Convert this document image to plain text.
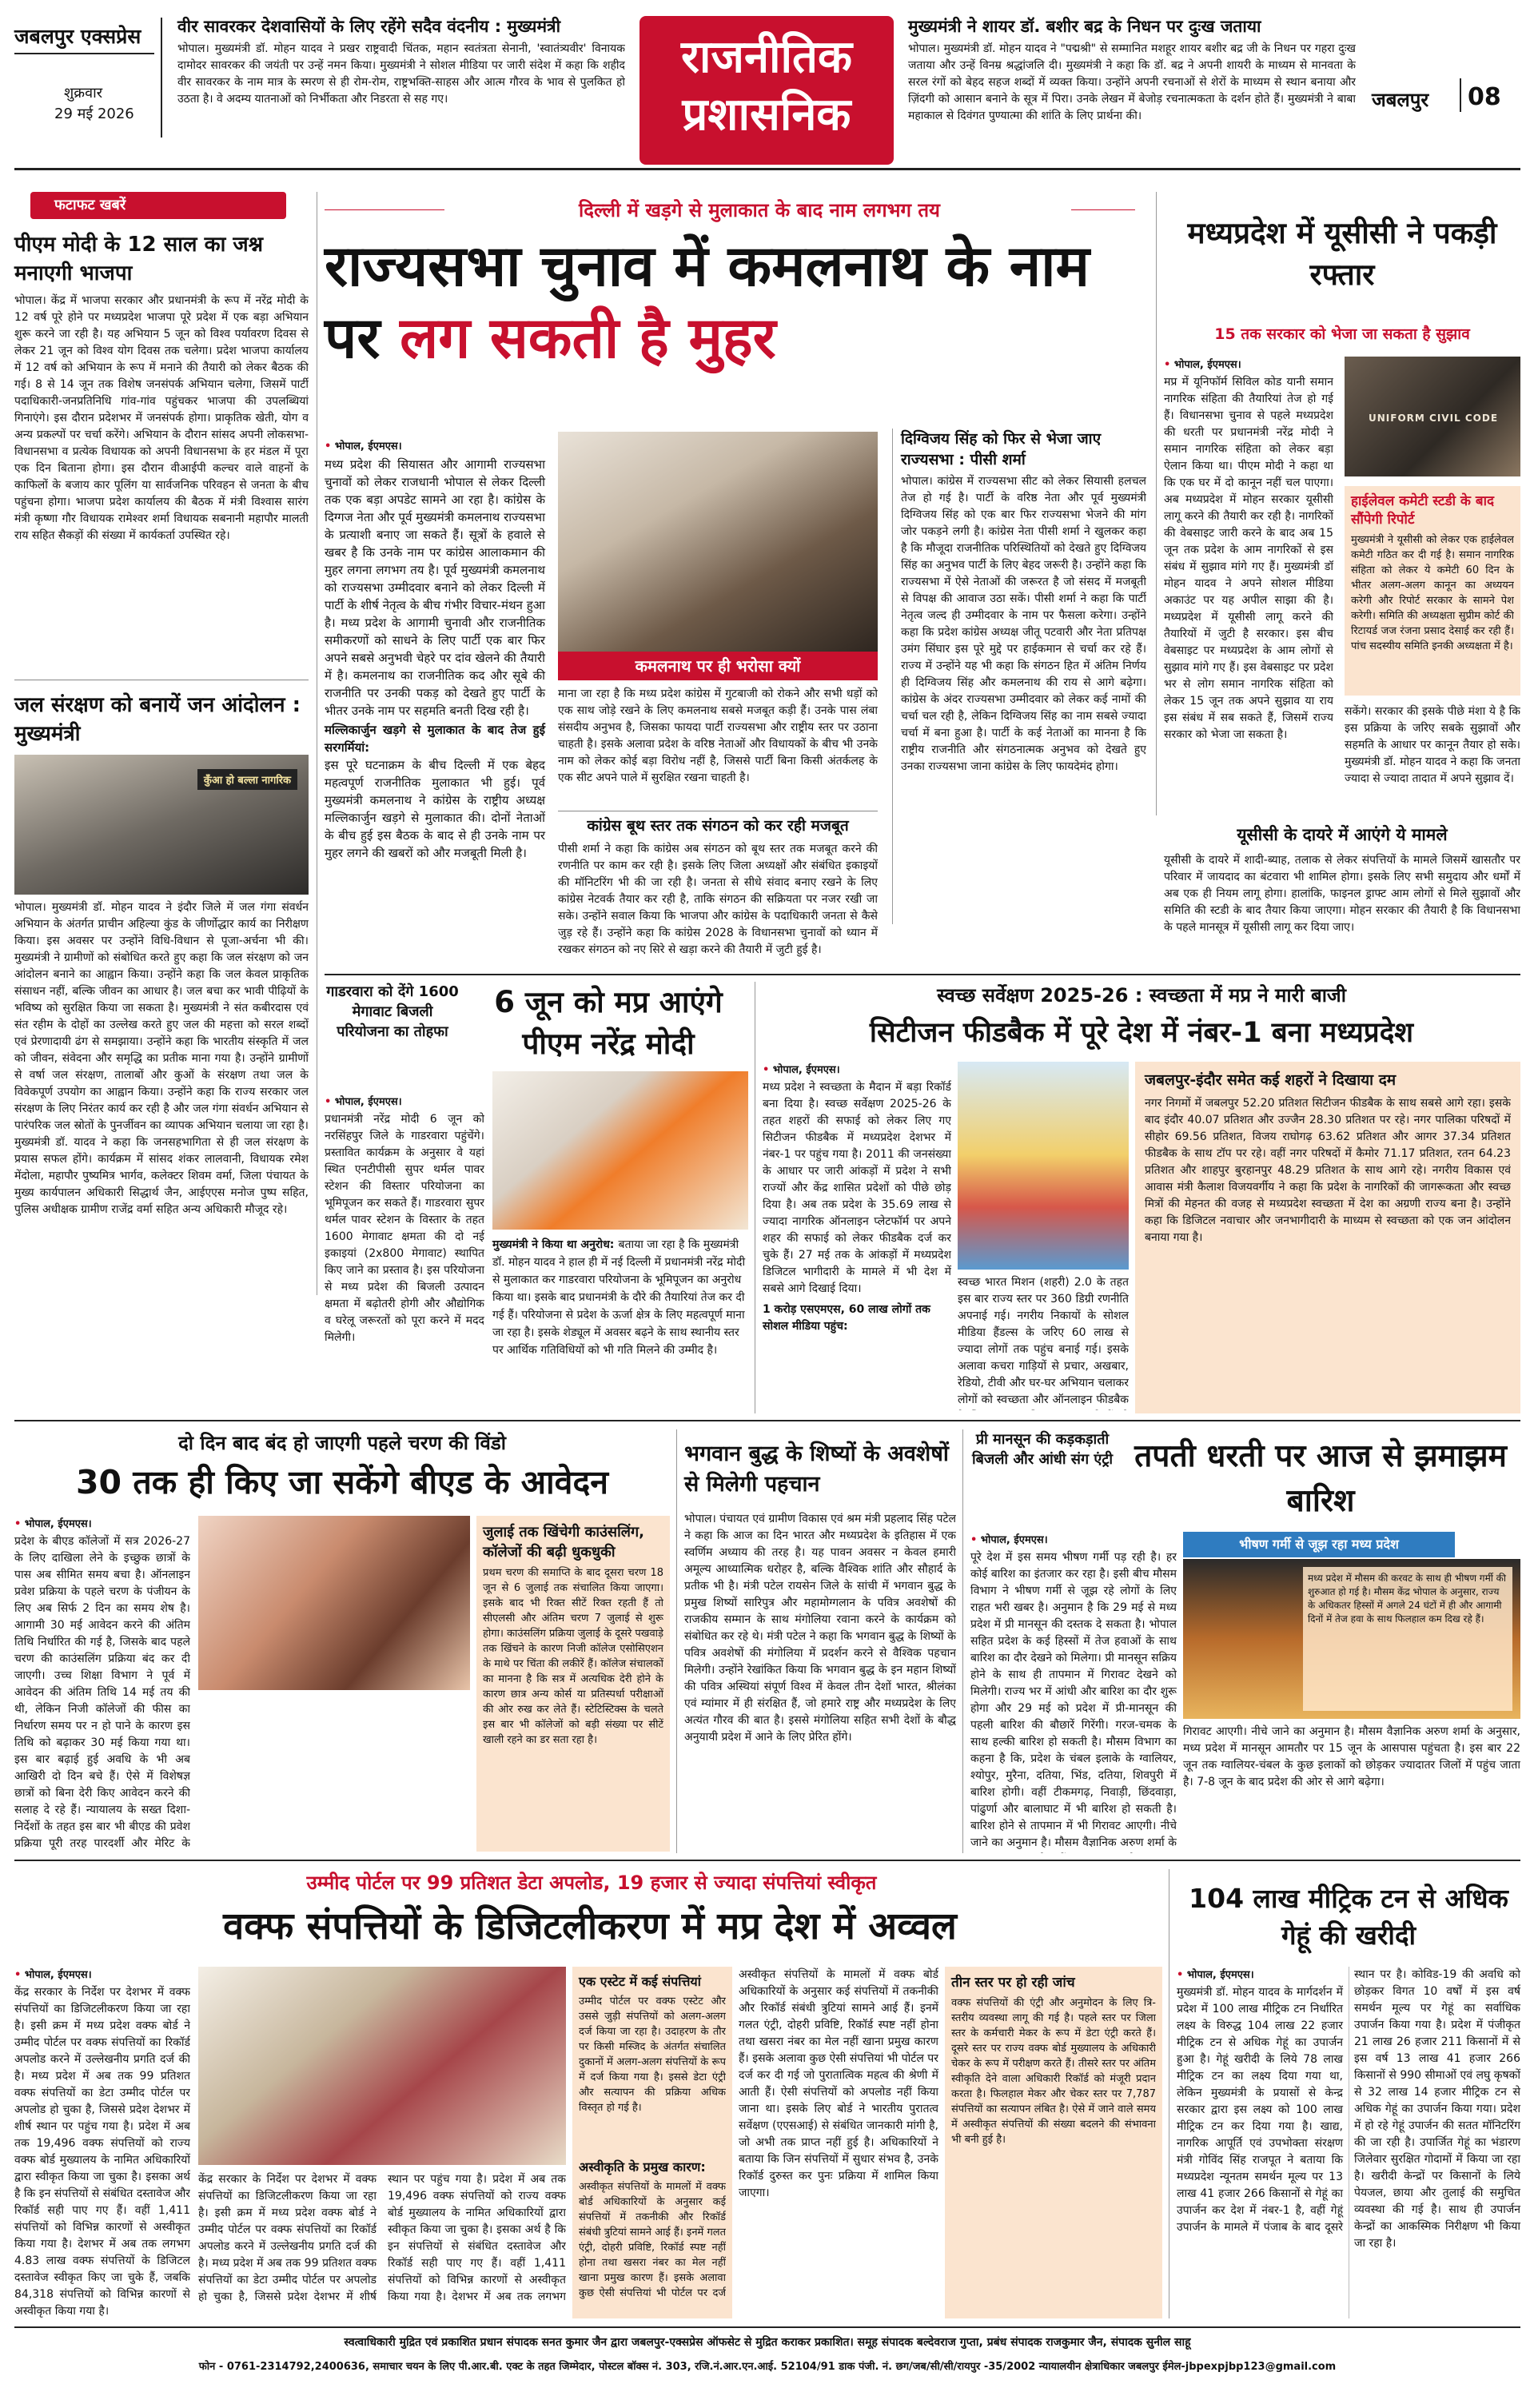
जबलपुर एक्सप्रेस
शुक्रवार
29 मई 2026
वीर सावरकर देशवासियों के लिए रहेंगे सदैव वंदनीय : मुख्यमंत्री
भोपाल। मुख्यमंत्री डॉ. मोहन यादव ने प्रखर राष्ट्रवादी चिंतक, महान स्वतंत्रता सेनानी, 'स्वातंत्र्यवीर' विनायक दामोदर सावरकर की जयंती पर उन्हें नमन किया। मुख्यमंत्री ने सोशल मीडिया पर जारी संदेश में कहा कि शहीद वीर सावरकर के नाम मात्र के स्मरण से ही रोम-रोम, राष्ट्रभक्ति-साहस और आत्म गौरव के भाव से पुलकित हो उठता है। वे अदम्य यातनाओं को निर्भीकता और निडरता से सह गए।
राजनीतिक प्रशासनिक
मुख्यमंत्री ने शायर डॉ. बशीर बद्र के निधन पर दुःख जताया
भोपाल। मुख्यमंत्री डॉ. मोहन यादव ने "पद्मश्री" से सम्मानित मशहूर शायर बशीर बद्र जी के निधन पर गहरा दुःख जताया और उन्हें विनम्र श्रद्धांजलि दी। मुख्यमंत्री ने कहा कि डॉ. बद्र ने अपनी शायरी के माध्यम से मानवता के सरल रंगों को बेहद सहज शब्दों में व्यक्त किया। उन्होंने अपनी रचनाओं से शेरों के माध्यम से स्थान बनाया और ज़िंदगी को आसान बनाने के सूत्र में पिरा। उनके लेखन में बेजोड़ रचनात्मकता के दर्शन होते हैं। मुख्यमंत्री ने बाबा महाकाल से दिवंगत पुण्यात्मा की शांति के लिए प्रार्थना की।
जबलपुर 08
फटाफट खबरें
पीएम मोदी के 12 साल का जश्न मनाएगी भाजपा
भोपाल। केंद्र में भाजपा सरकार और प्रधानमंत्री के रूप में नरेंद्र मोदी के 12 वर्ष पूरे होने पर मध्यप्रदेश भाजपा पूरे प्रदेश में एक बड़ा अभियान शुरू करने जा रही है। यह अभियान 5 जून को विश्व पर्यावरण दिवस से लेकर 21 जून को विश्व योग दिवस तक चलेगा। प्रदेश भाजपा कार्यालय में 12 वर्ष को अभियान के रूप में मनाने की तैयारी को लेकर बैठक की गई। 8 से 14 जून तक विशेष जनसंपर्क अभियान चलेगा, जिसमें पार्टी पदाधिकारी-जनप्रतिनिधि गांव-गांव पहुंचकर भाजपा की उपलब्धियां गिनाएंगे। इस दौरान प्रदेशभर में जनसंपर्क होगा। प्राकृतिक खेती, योग व अन्य प्रकल्पों पर चर्चा करेंगे। अभियान के दौरान सांसद अपनी लोकसभा-विधानसभा व प्रत्येक विधायक को अपनी विधानसभा के हर मंडल में पूरा एक दिन बिताना होगा। इस दौरान वीआईपी कल्चर वाले वाहनों के काफिलों के बजाय कार पूलिंग या सार्वजनिक परिवहन से जनता के बीच पहुंचना होगा। भाजपा प्रदेश कार्यालय की बैठक में मंत्री विश्वास सारंग मंत्री कृष्णा गौर विधायक रामेश्वर शर्मा विधायक सबनानी महापौर मालती राय सहित सैकड़ों की संख्या में कार्यकर्ता उपस्थित रहे।
जल संरक्षण को बनायें जन आंदोलन : मुख्यमंत्री
कुँआ हो बल्ला नागरिक
भोपाल। मुख्यमंत्री डॉ. मोहन यादव ने इंदौर जिले में जल गंगा संवर्धन अभियान के अंतर्गत प्राचीन अहिल्या कुंड के जीर्णोद्धार कार्य का निरीक्षण किया। इस अवसर पर उन्होंने विधि-विधान से पूजा-अर्चना भी की। मुख्यमंत्री ने ग्रामीणों को संबोधित करते हुए कहा कि जल संरक्षण को जन आंदोलन बनाने का आह्वान किया। उन्होंने कहा कि जल केवल प्राकृतिक संसाधन नहीं, बल्कि जीवन का आधार है। जल बचा कर भावी पीढ़ियों के भविष्य को सुरक्षित किया जा सकता है। मुख्यमंत्री ने संत कबीरदास एवं संत रहीम के दोहों का उल्लेख करते हुए जल की महत्ता को सरल शब्दों एवं प्रेरणादायी ढंग से समझाया। उन्होंने कहा कि भारतीय संस्कृति में जल को जीवन, संवेदना और समृद्धि का प्रतीक माना गया है। उन्होंने ग्रामीणों से वर्षा जल संरक्षण, तालाबों और कुओं के संरक्षण तथा जल के विवेकपूर्ण उपयोग का आह्वान किया। उन्होंने कहा कि राज्य सरकार जल संरक्षण के लिए निरंतर कार्य कर रही है और जल गंगा संवर्धन अभियान से पारंपरिक जल स्रोतों के पुनर्जीवन का व्यापक अभियान चलाया जा रहा है। मुख्यमंत्री डॉ. यादव ने कहा कि जनसहभागिता से ही जल संरक्षण के प्रयास सफल होंगे। कार्यक्रम में सांसद शंकर लालवानी, विधायक रमेश मेंदोला, महापौर पुष्यमित्र भार्गव, कलेक्टर शिवम वर्मा, जिला पंचायत के मुख्य कार्यपालन अधिकारी सिद्धार्थ जैन, आईएएस मनोज पुष्प सहित, पुलिस अधीक्षक ग्रामीण राजेंद्र वर्मा सहित अन्य अधिकारी मौजूद रहे।
दिल्ली में खड़गे से मुलाकात के बाद नाम लगभग तय
राज्यसभा चुनाव में कमलनाथ के नाम पर लग सकती है मुहर
• भोपाल, ईएमएस।
मध्य प्रदेश की सियासत और आगामी राज्यसभा चुनावों को लेकर राजधानी भोपाल से लेकर दिल्ली तक एक बड़ा अपडेट सामने आ रहा है। कांग्रेस के दिग्गज नेता और पूर्व मुख्यमंत्री कमलनाथ राज्यसभा के प्रत्याशी बनाए जा सकते हैं। सूत्रों के हवाले से खबर है कि उनके नाम पर कांग्रेस आलाकमान की मुहर लगना लगभग तय है। पूर्व मुख्यमंत्री कमलनाथ को राज्यसभा उम्मीदवार बनाने को लेकर दिल्ली में पार्टी के शीर्ष नेतृत्व के बीच गंभीर विचार-मंथन हुआ है। मध्य प्रदेश के आगामी चुनावी और राजनीतिक समीकरणों को साधने के लिए पार्टी एक बार फिर अपने सबसे अनुभवी चेहरे पर दांव खेलने की तैयारी में है। कमलनाथ का राजनीतिक कद और सूबे की राजनीति पर उनकी पकड़ को देखते हुए पार्टी के भीतर उनके नाम पर सहमति बनती दिख रही है।
मल्लिकार्जुन खड़गे से मुलाकात के बाद तेज हुई सरगर्मियां:
इस पूरे घटनाक्रम के बीच दिल्ली में एक बेहद महत्वपूर्ण राजनीतिक मुलाकात भी हुई। पूर्व मुख्यमंत्री कमलनाथ ने कांग्रेस के राष्ट्रीय अध्यक्ष मल्लिकार्जुन खड़गे से मुलाकात की। दोनों नेताओं के बीच हुई इस बैठक के बाद से ही उनके नाम पर मुहर लगने की खबरों को और मजबूती मिली है।
कमलनाथ पर ही भरोसा क्यों
माना जा रहा है कि मध्य प्रदेश कांग्रेस में गुटबाजी को रोकने और सभी धड़ों को एक साथ जोड़े रखने के लिए कमलनाथ सबसे मजबूत कड़ी हैं। उनके पास लंबा संसदीय अनुभव है, जिसका फायदा पार्टी राज्यसभा और राष्ट्रीय स्तर पर उठाना चाहती है। इसके अलावा प्रदेश के वरिष्ठ नेताओं और विधायकों के बीच भी उनके नाम को लेकर कोई बड़ा विरोध नहीं है, जिससे पार्टी बिना किसी अंतर्कलह के एक सीट अपने पाले में सुरक्षित रखना चाहती है।
कांग्रेस बूथ स्तर तक संगठन को कर रही मजबूत
पीसी शर्मा ने कहा कि कांग्रेस अब संगठन को बूथ स्तर तक मजबूत करने की रणनीति पर काम कर रही है। इसके लिए जिला अध्यक्षों और संबंधित इकाइयों की मॉनिटरिंग भी की जा रही है। जनता से सीधे संवाद बनाए रखने के लिए कांग्रेस नेटवर्क तैयार कर रही है, ताकि संगठन की सक्रियता पर नजर रखी जा सके। उन्होंने सवाल किया कि भाजपा और कांग्रेस के पदाधिकारी जनता से कैसे जुड़ रहे हैं। उन्होंने कहा कि कांग्रेस 2028 के विधानसभा चुनावों को ध्यान में रखकर संगठन को नए सिरे से खड़ा करने की तैयारी में जुटी हुई है।
दिग्विजय सिंह को फिर से भेजा जाए राज्यसभा : पीसी शर्मा
भोपाल। कांग्रेस में राज्यसभा सीट को लेकर सियासी हलचल तेज हो गई है। पार्टी के वरिष्ठ नेता और पूर्व मुख्यमंत्री दिग्विजय सिंह को एक बार फिर राज्यसभा भेजने की मांग जोर पकड़ने लगी है। कांग्रेस नेता पीसी शर्मा ने खुलकर कहा है कि मौजूदा राजनीतिक परिस्थितियों को देखते हुए दिग्विजय सिंह का अनुभव पार्टी के लिए बेहद जरूरी है। उन्होंने कहा कि राज्यसभा में ऐसे नेताओं की जरूरत है जो संसद में मजबूती से विपक्ष की आवाज उठा सकें। पीसी शर्मा ने कहा कि पार्टी नेतृत्व जल्द ही उम्मीदवार के नाम पर फैसला करेगा। उन्होंने कहा कि प्रदेश कांग्रेस अध्यक्ष जीतू पटवारी और नेता प्रतिपक्ष उमंग सिंघार इस पूरे मुद्दे पर हाईकमान से चर्चा कर रहे हैं। राज्य में उन्होंने यह भी कहा कि संगठन हित में अंतिम निर्णय ही दिग्विजय सिंह और कमलनाथ की राय से आगे बढ़ेगा। कांग्रेस के अंदर राज्यसभा उम्मीदवार को लेकर कई नामों की चर्चा चल रही है, लेकिन दिग्विजय सिंह का नाम सबसे ज्यादा चर्चा में बना हुआ है। पार्टी के कई नेताओं का मानना है कि राष्ट्रीय राजनीति और संगठनात्मक अनुभव को देखते हुए उनका राज्यसभा जाना कांग्रेस के लिए फायदेमंद होगा।
मध्यप्रदेश में यूसीसी ने पकड़ी रफ्तार
15 तक सरकार को भेजा जा सकता है सुझाव
• भोपाल, ईएमएस।
मप्र में यूनिफॉर्म सिविल कोड यानी समान नागरिक संहिता की तैयारियां तेज हो गई हैं। विधानसभा चुनाव से पहले मध्यप्रदेश की धरती पर प्रधानमंत्री नरेंद्र मोदी ने समान नागरिक संहिता को लेकर बड़ा ऐलान किया था। पीएम मोदी ने कहा था कि एक घर में दो कानून नहीं चल पाएगा। अब मध्यप्रदेश में मोहन सरकार यूसीसी लागू करने की तैयारी कर रही है। नागरिकों की वेबसाइट जारी करने के बाद अब 15 जून तक प्रदेश के आम नागरिकों से इस संबंध में सुझाव मांगे गए हैं। मुख्यमंत्री डॉ मोहन यादव ने अपने सोशल मीडिया अकाउंट पर यह अपील साझा की है। मध्यप्रदेश में यूसीसी लागू करने की तैयारियों में जुटी है सरकार। इस बीच वेबसाइट पर मध्यप्रदेश के आम लोगों से सुझाव मांगे गए हैं। इस वेबसाइट पर प्रदेश भर से लोग समान नागरिक संहिता को लेकर 15 जून तक अपने सुझाव या राय इस संबंध में सब सकते हैं, जिसमें राज्य सरकार को भेजा जा सकता है।
UNIFORM CIVIL CODE
हाईलेवल कमेटी स्टडी के बाद सौंपेगी रिपोर्ट
मुख्यमंत्री ने यूसीसी को लेकर एक हाईलेवल कमेटी गठित कर दी गई है। समान नागरिक संहिता को लेकर ये कमेटी 60 दिन के भीतर अलग-अलग कानून का अध्ययन करेगी और रिपोर्ट सरकार के सामने पेश करेगी। समिति की अध्यक्षता सुप्रीम कोर्ट की रिटायर्ड जज रंजना प्रसाद देसाई कर रही हैं। पांच सदस्यीय समिति इनकी अध्यक्षता में है।
सकेंगे। सरकार की इसके पीछे मंशा ये है कि इस प्रक्रिया के जरिए सबके सुझावों और सहमति के आधार पर कानून तैयार हो सके। मुख्यमंत्री डॉ. मोहन यादव ने कहा कि जनता ज्यादा से ज्यादा तादात में अपने सुझाव दें।
यूसीसी के दायरे में आएंगे ये मामले
यूसीसी के दायरे में शादी-ब्याह, तलाक से लेकर संपत्तियों के मामले जिसमें खासतौर पर परिवार में जायदाद का बंटवारा भी शामिल होगा। इसके लिए सभी समुदाय और धर्मों में अब एक ही नियम लागू होगा। हालांकि, फाइनल ड्राफ्ट आम लोगों से मिले सुझावों और समिति की स्टडी के बाद तैयार किया जाएगा। मोहन सरकार की तैयारी है कि विधानसभा के पहले मानसूत्र में यूसीसी लागू कर दिया जाए।
गाडरवारा को देंगे 1600 मेगावाट बिजली परियोजना का तोहफा
6 जून को मप्र आएंगे पीएम नरेंद्र मोदी
• भोपाल, ईएमएस।
प्रधानमंत्री नरेंद्र मोदी 6 जून को नरसिंहपुर जिले के गाडरवारा पहुंचेंगे। प्रस्तावित कार्यक्रम के अनुसार वे यहां स्थित एनटीपीसी सुपर थर्मल पावर स्टेशन की विस्तार परियोजना का भूमिपूजन कर सकते हैं। गाडरवारा सुपर थर्मल पावर स्टेशन के विस्तार के तहत 1600 मेगावाट क्षमता की दो नई इकाइयां (2x800 मेगावाट) स्थापित किए जाने का प्रस्ताव है। इस परियोजना से मध्य प्रदेश की बिजली उत्पादन क्षमता में बढ़ोतरी होगी और औद्योगिक व घरेलू जरूरतों को पूरा करने में मदद मिलेगी।
मुख्यमंत्री ने किया था अनुरोध: बताया जा रहा है कि मुख्यमंत्री डॉ. मोहन यादव ने हाल ही में नई दिल्ली में प्रधानमंत्री नरेंद्र मोदी से मुलाकात कर गाडरवारा परियोजना के भूमिपूजन का अनुरोध किया था। इसके बाद प्रधानमंत्री के दौरे की तैयारियां तेज कर दी गई हैं। परियोजना से प्रदेश के ऊर्जा क्षेत्र के लिए महत्वपूर्ण माना जा रहा है। इसके शेड्यूल में अवसर बढ़ने के साथ स्थानीय स्तर पर आर्थिक गतिविधियों को भी गति मिलने की उम्मीद है।
स्वच्छ सर्वेक्षण 2025-26 : स्वच्छता में मप्र ने मारी बाजी
सिटीजन फीडबैक में पूरे देश में नंबर-1 बना मध्यप्रदेश
• भोपाल, ईएमएस।
मध्य प्रदेश ने स्वच्छता के मैदान में बड़ा रिकॉर्ड बना दिया है। स्वच्छ सर्वेक्षण 2025-26 के तहत शहरों की सफाई को लेकर लिए गए सिटीजन फीडबैक में मध्यप्रदेश देशभर में नंबर-1 पर पहुंच गया है। 2011 की जनसंख्या के आधार पर जारी आंकड़ों में प्रदेश ने सभी राज्यों और केंद्र शासित प्रदेशों को पीछे छोड़ दिया है। अब तक प्रदेश के 35.69 लाख से ज्यादा नागरिक ऑनलाइन प्लेटफॉर्म पर अपने शहर की सफाई को लेकर फीडबैक दर्ज कर चुके हैं। 27 मई तक के आंकड़ों में मध्यप्रदेश डिजिटल भागीदारी के मामले में भी देश में सबसे आगे दिखाई दिया।
1 करोड़ एसएमएस, 60 लाख लोगों तक सोशल मीडिया पहुंच:
स्वच्छ भारत मिशन (शहरी) 2.0 के तहत इस बार राज्य स्तर पर 360 डिग्री रणनीति अपनाई गई। नगरीय निकायों के सोशल मीडिया हैंडल्स के जरिए 60 लाख से ज्यादा लोगों तक पहुंच बनाई गई। इसके अलावा कचरा गाड़ियों से प्रचार, अखबार, रेडियो, टीवी और घर-घर अभियान चलाकर लोगों को स्वच्छता और ऑनलाइन फीडबैक
जबलपुर-इंदौर समेत कई शहरों ने दिखाया दम
नगर निगमों में जबलपुर 52.20 प्रतिशत सिटीजन फीडबैक के साथ सबसे आगे रहा। इसके बाद इंदौर 40.07 प्रतिशत और उज्जैन 28.30 प्रतिशत पर रहे। नगर पालिका परिषदों में सीहोर 69.56 प्रतिशत, विजय राघोगढ़ 63.62 प्रतिशत और आगर 37.34 प्रतिशत फीडबैक के साथ टॉप पर रहे। वहीं नगर परिषदों में कैमोर 71.17 प्रतिशत, रतन 64.23 प्रतिशत और शाहपुर बुरहानपुर 48.29 प्रतिशत के साथ आगे रहे। नगरीय विकास एवं आवास मंत्री कैलाश विजयवर्गीय ने कहा कि प्रदेश के नागरिकों की जागरूकता और स्वच्छ मित्रों की मेहनत की वजह से मध्यप्रदेश स्वच्छता में देश का अग्रणी राज्य बना है। उन्होंने कहा कि डिजिटल नवाचार और जनभागीदारी के माध्यम से स्वच्छता को एक जन आंदोलन बनाया गया है।
दो दिन बाद बंद हो जाएगी पहले चरण की विंडो
30 तक ही किए जा सकेंगे बीएड के आवेदन
• भोपाल, ईएमएस।
प्रदेश के बीएड कॉलेजों में सत्र 2026-27 के लिए दाखिला लेने के इच्छुक छात्रों के पास अब सीमित समय बचा है। ऑनलाइन प्रवेश प्रक्रिया के पहले चरण के पंजीयन के लिए अब सिर्फ 2 दिन का समय शेष है। आगामी 30 मई आवेदन करने की अंतिम तिथि निर्धारित की गई है, जिसके बाद पहले चरण की काउंसलिंग प्रक्रिया बंद कर दी जाएगी। उच्च शिक्षा विभाग ने पूर्व में आवेदन की अंतिम तिथि 14 मई तय की थी, लेकिन निजी कॉलेजों की फीस का निर्धारण समय पर न हो पाने के कारण इस तिथि को बढ़ाकर 30 मई किया गया था। इस बार बढ़ाई हुई अवधि के भी अब आखिरी दो दिन बचे हैं। ऐसे में विशेषज्ञ छात्रों को बिना देरी किए आवेदन करने की सलाह दे रहे हैं। न्यायालय के सख्त दिशा-निर्देशों के तहत इस बार भी बीएड की प्रवेश प्रक्रिया पूरी तरह पारदर्शी और मेरिट के
जुलाई तक खिंचेगी काउंसलिंग, कॉलेजों की बढ़ी धुकधुकी
प्रथम चरण की समाप्ति के बाद दूसरा चरण 18 जून से 6 जुलाई तक संचालित किया जाएगा। इसके बाद भी रिक्त सीटें रिक्त रहती हैं तो सीएलसी और अंतिम चरण 7 जुलाई से शुरू होगा। काउंसलिंग प्रक्रिया जुलाई के दूसरे पखवाड़े तक खिंचने के कारण निजी कॉलेज एसोसिएशन के माथे पर चिंता की लकीरें हैं। कॉलेज संचालकों का मानना है कि सत्र में अत्यधिक देरी होने के कारण छात्र अन्य कोर्स या प्रतिस्पर्धा परीक्षाओं की ओर रुख कर लेते हैं। स्टेटिस्टिक्स के चलते इस बार भी कॉलेजों को बड़ी संख्या पर सीटें खाली रहने का डर सता रहा है।
भगवान बुद्ध के शिष्यों के अवशेषों से मिलेगी पहचान
भोपाल। पंचायत एवं ग्रामीण विकास एवं श्रम मंत्री प्रहलाद सिंह पटेल ने कहा कि आज का दिन भारत और मध्यप्रदेश के इतिहास में एक स्वर्णिम अध्याय की तरह है। यह पावन अवसर न केवल हमारी अमूल्य आध्यात्मिक धरोहर है, बल्कि वैश्विक शांति और सौहार्द के प्रतीक भी है। मंत्री पटेल रायसेन जिले के सांची में भगवान बुद्ध के प्रमुख शिष्यों सारिपुत्र और महामोग्गलान के पवित्र अवशेषों की राजकीय सम्मान के साथ मंगोलिया रवाना करने के कार्यक्रम को संबोधित कर रहे थे। मंत्री पटेल ने कहा कि भगवान बुद्ध के शिष्यों के पवित्र अवशेषों की मंगोलिया में प्रदर्शन करने से वैश्विक पहचान मिलेगी। उन्होंने रेखांकित किया कि भगवान बुद्ध के इन महान शिष्यों की पवित्र अस्थियां संपूर्ण विश्व में केवल तीन देशों भारत, श्रीलंका एवं म्यांमार में ही संरक्षित हैं, जो हमारे राष्ट्र और मध्यप्रदेश के लिए अत्यंत गौरव की बात है। इससे मंगोलिया सहित सभी देशों के बौद्ध अनुयायी प्रदेश में आने के लिए प्रेरित होंगे।
प्री मानसून की कड़कड़ाती बिजली और आंधी संग एंट्री तपती धरती पर आज से झमाझम बारिश
भीषण गर्मी से जूझ रहा मध्य प्रदेश
मध्य प्रदेश में मौसम की करवट के साथ ही भीषण गर्मी की शुरुआत हो गई है। मौसम केंद्र भोपाल के अनुसार, राज्य के अधिकतर हिस्सों में अगले 24 घंटों में ही और आगामी दिनों में तेज हवा के साथ फिलहाल कम दिख रहे हैं।
• भोपाल, ईएमएस।
पूरे देश में इस समय भीषण गर्मी पड़ रही है। हर कोई बारिश का इंतजार कर रहा है। इसी बीच मौसम विभाग ने भीषण गर्मी से जूझ रहे लोगों के लिए राहत भरी खबर है। अनुमान है कि 29 मई से मध्य प्रदेश में प्री मानसून की दस्तक दे सकता है। भोपाल सहित प्रदेश के कई हिस्सों में तेज हवाओं के साथ बारिश का दौर देखने को मिलेगा। प्री मानसून सक्रिय होने के साथ ही तापमान में गिरावट देखने को मिलेगी। राज्य भर में आंधी और बारिश का दौर शुरू होगा और 29 मई को प्रदेश में प्री-मानसून की पहली बारिश की बौछारें गिरेंगी। गरज-चमक के साथ हल्की बारिश हो सकती है। मौसम विभाग का कहना है कि, प्रदेश के चंबल इलाके के ग्वालियर, श्योपुर, मुरैना, दतिया, भिंड, दतिया, शिवपुरी में बारिश होगी। वहीं टीकमगढ़, निवाड़ी, छिंदवाड़ा, पांढुर्णा और बालाघाट में भी बारिश हो सकती है। बारिश होने से तापमान में भी गिरावट आएगी। नीचे जाने का अनुमान है। मौसम वैज्ञानिक अरुण शर्मा के
गिरावट आएगी। नीचे जाने का अनुमान है। मौसम वैज्ञानिक अरुण शर्मा के अनुसार, मध्य प्रदेश में मानसून आमतौर पर 15 जून के आसपास पहुंचता है। इस बार 22 जून तक ग्वालियर-चंबल के कुछ इलाकों को छोड़कर ज्यादातर जिलों में पहुंच जाता है। 7-8 जून के बाद प्रदेश की ओर से आगे बढ़ेगा।
उम्मीद पोर्टल पर 99 प्रतिशत डेटा अपलोड, 19 हजार से ज्यादा संपत्तियां स्वीकृत
वक्फ संपत्तियों के डिजिटलीकरण में मप्र देश में अव्वल
• भोपाल, ईएमएस।
केंद्र सरकार के निर्देश पर देशभर में वक्फ संपत्तियों का डिजिटलीकरण किया जा रहा है। इसी क्रम में मध्य प्रदेश वक्फ बोर्ड ने उम्मीद पोर्टल पर वक्फ संपत्तियों का रिकॉर्ड अपलोड करने में उल्लेखनीय प्रगति दर्ज की है। मध्य प्रदेश में अब तक 99 प्रतिशत वक्फ संपत्तियों का डेटा उम्मीद पोर्टल पर अपलोड हो चुका है, जिससे प्रदेश देशभर में शीर्ष स्थान पर पहुंच गया है। प्रदेश में अब तक 19,496 वक्फ संपत्तियों को राज्य वक्फ बोर्ड मुख्यालय के नामित अधिकारियों द्वारा स्वीकृत किया जा चुका है। इसका अर्थ है कि इन संपत्तियों से संबंधित दस्तावेज और रिकॉर्ड सही पाए गए हैं। वहीं 1,411 संपत्तियों को विभिन्न कारणों से अस्वीकृत किया गया है। देशभर में अब तक लगभग 4.83 लाख वक्फ संपत्तियों के डिजिटल दस्तावेज स्वीकृत किए जा चुके हैं, जबकि 84,318 संपत्तियों को विभिन्न कारणों से अस्वीकृत किया गया है।
एक एस्टेट में कई संपत्तियां
उम्मीद पोर्टल पर वक्फ एस्टेट और उससे जुड़ी संपत्तियों को अलग-अलग दर्ज किया जा रहा है। उदाहरण के तौर पर किसी मस्जिद के अंतर्गत संचालित दुकानों में अलग-अलग संपत्तियों के रूप में दर्ज किया गया है। इससे डेटा एंट्री और सत्यापन की प्रक्रिया अधिक विस्तृत हो गई है।
अस्वीकृति के प्रमुख कारण:
अस्वीकृत संपत्तियों के मामलों में वक्फ बोर्ड अधिकारियों के अनुसार कई संपत्तियों में तकनीकी और रिकॉर्ड संबंधी त्रुटियां सामने आई हैं। इनमें गलत एंट्री, दोहरी प्रविष्टि, रिकॉर्ड स्पष्ट नहीं होना तथा खसरा नंबर का मेल नहीं खाना प्रमुख कारण हैं। इसके अलावा कुछ ऐसी संपत्तियां भी पोर्टल पर दर्ज
केंद्र सरकार के निर्देश पर देशभर में वक्फ संपत्तियों का डिजिटलीकरण किया जा रहा है। इसी क्रम में मध्य प्रदेश वक्फ बोर्ड ने उम्मीद पोर्टल पर वक्फ संपत्तियों का रिकॉर्ड अपलोड करने में उल्लेखनीय प्रगति दर्ज की है। मध्य प्रदेश में अब तक 99 प्रतिशत वक्फ संपत्तियों का डेटा उम्मीद पोर्टल पर अपलोड हो चुका है, जिससे प्रदेश देशभर में शीर्ष स्थान पर पहुंच गया है। प्रदेश में अब तक 19,496 वक्फ संपत्तियों को राज्य वक्फ बोर्ड मुख्यालय के नामित अधिकारियों द्वारा स्वीकृत किया जा चुका है। इसका अर्थ है कि इन संपत्तियों से संबंधित दस्तावेज और रिकॉर्ड सही पाए गए हैं। वहीं 1,411 संपत्तियों को विभिन्न कारणों से अस्वीकृत किया गया है। देशभर में अब तक लगभग
अस्वीकृत संपत्तियों के मामलों में वक्फ बोर्ड अधिकारियों के अनुसार कई संपत्तियों में तकनीकी और रिकॉर्ड संबंधी त्रुटियां सामने आई हैं। इनमें गलत एंट्री, दोहरी प्रविष्टि, रिकॉर्ड स्पष्ट नहीं होना तथा खसरा नंबर का मेल नहीं खाना प्रमुख कारण हैं। इसके अलावा कुछ ऐसी संपत्तियां भी पोर्टल पर दर्ज कर दी गई जो पुरातात्विक महत्व की श्रेणी में आती हैं। ऐसी संपत्तियों को अपलोड नहीं किया जाना था। इसके लिए बोर्ड ने भारतीय पुरातत्व सर्वेक्षण (एएसआई) से संबंधित जानकारी मांगी है, जो अभी तक प्राप्त नहीं हुई है। अधिकारियों ने बताया कि जिन संपत्तियों में सुधार संभव है, उनके रिकॉर्ड दुरुस्त कर पुनः प्रक्रिया में शामिल किया जाएगा।
तीन स्तर पर हो रही जांच
वक्फ संपत्तियों की एंट्री और अनुमोदन के लिए त्रि-स्तरीय व्यवस्था लागू की गई है। पहले स्तर पर जिला स्तर के कर्मचारी मेकर के रूप में डेटा एंट्री करते हैं। दूसरे स्तर पर राज्य वक्फ बोर्ड मुख्यालय के अधिकारी चेकर के रूप में परीक्षण करते हैं। तीसरे स्तर पर अंतिम स्वीकृति देने वाला अधिकारी रिकॉर्ड को मंजूरी प्रदान करता है। फिलहाल मेकर और चेकर स्तर पर 7,787 संपत्तियों का सत्यापन लंबित है। ऐसे में जाने वाले समय में अस्वीकृत संपत्तियों की संख्या बदलने की संभावना भी बनी हुई है।
104 लाख मीट्रिक टन से अधिक गेहूं की खरीदी
• भोपाल, ईएमएस।
मुख्यमंत्री डॉ. मोहन यादव के मार्गदर्शन में प्रदेश में 100 लाख मीट्रिक टन निर्धारित लक्ष्य के विरुद्ध 104 लाख 22 हजार मीट्रिक टन से अधिक गेहूं का उपार्जन हुआ है। गेहूं खरीदी के लिये 78 लाख मीट्रिक टन का लक्ष्य दिया गया था, लेकिन मुख्यमंत्री के प्रयासों से केन्द्र सरकार द्वारा इस लक्ष्य को 100 लाख मीट्रिक टन कर दिया गया है। खाद्य, नागरिक आपूर्ति एवं उपभोक्ता संरक्षण मंत्री गोविंद सिंह राजपूत ने बताया कि मध्यप्रदेश न्यूनतम समर्थन मूल्य पर 13 लाख 41 हजार 266 किसानों से गेहूं का उपार्जन कर देश में नंबर-1 है, वहीं गेहूं उपार्जन के मामले में पंजाब के बाद दूसरे स्थान पर है। कोविड-19 की अवधि को छोड़कर विगत 10 वर्षों में इस वर्ष समर्थन मूल्य पर गेहूं का सर्वाधिक उपार्जन किया गया है। प्रदेश में पंजीकृत 21 लाख 26 हजार 211 किसानों में से इस वर्ष 13 लाख 41 हजार 266 किसानों से 990 सीमाओं एवं लघु कृषकों से 32 लाख 14 हजार मीट्रिक टन से अधिक गेहूं का उपार्जन किया गया। प्रदेश में हो रहे गेहूं उपार्जन की सतत मॉनिटरिंग की जा रही है। उपार्जित गेहूं का भंडारण जिलेवार सुरक्षित गोदामों में किया जा रहा है। खरीदी केन्द्रों पर किसानों के लिये पेयजल, छाया और तुलाई की समुचित व्यवस्था की गई है। साथ ही उपार्जन केन्द्रों का आकस्मिक निरीक्षण भी किया जा रहा है।
स्वत्वाधिकारी मुद्रित एवं प्रकाशित प्रधान संपादक सनत कुमार जैन द्वारा जबलपुर-एक्सप्रेस ऑफसेट से मुद्रित कराकर प्रकाशित। समूह संपादक बल्देवराज गुप्ता, प्रबंध संपादक राजकुमार जैन, संपादक सुनील साहू
फोन - 0761-2314792,2400636, समाचार चयन के लिए पी.आर.बी. एक्ट के तहत जिम्मेदार, पोस्टल बॉक्स नं. 303, रजि.नं.आर.एन.आई. 52104/91 डाक पंजी. नं. छग/जब/सी/सी/रायपुर -35/2002 न्यायालयीन क्षेत्राधिकार जबलपुर ईमेल-jbpexpjbp123@gmail.com
